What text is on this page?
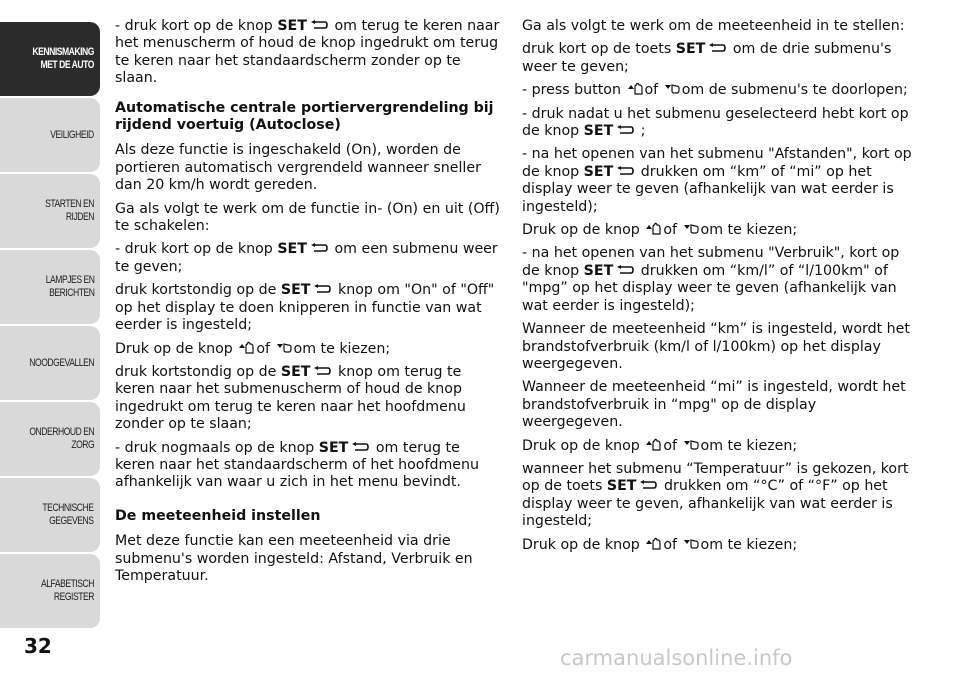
KENNISMAKING
MET DE AUTO
VEILIGHEID
STARTEN EN RIJDEN
LAMPJES EN
BERICHTEN
NOODGEVALLEN
ONDERHOUD EN
ZORG
TECHNISCHE
GEGEVENS
ALFABETISCH
REGISTER
32

- druk kort op de knop SET om terug te keren naar het menuscherm of houd de knop ingedrukt om terug te keren naar het standaardscherm zonder op te slaan.

Automatische centrale portiervergrendeling bij rijdend voertuig (Autoclose)

Als deze functie is ingeschakeld (On), worden de portieren automatisch vergrendeld wanneer sneller dan 20 km/h wordt gereden.

Ga als volgt te werk om de functie in- (On) en uit (Off) te schakelen:

- druk kort op de knop SET om een submenu weer te geven;

druk kortstondig op de SET knop om "On" of "Off" op het display te doen knipperen in functie van wat eerder is ingesteld;

Druk op de knop of om te kiezen;

druk kortstondig op de SET knop om terug te keren naar het submenuscherm of houd de knop ingedrukt om terug te keren naar het hoofdmenu zonder op te slaan;

- druk nogmaals op de knop SET om terug te keren naar het standaardscherm of het hoofdmenu afhankelijk van waar u zich in het menu bevindt.

De meeteenheid instellen

Met deze functie kan een meeteenheid via drie submenu's worden ingesteld: Afstand, Verbruik en Temperatuur.

Ga als volgt te werk om de meeteenheid in te stellen:

druk kort op de toets SET om de drie submenu's weer te geven;

- press button of om de submenu's te doorlopen;

- druk nadat u het submenu geselecteerd hebt kort op de knop SET ;

- na het openen van het submenu "Afstanden", kort op de knop SET drukken om “km” of “mi” op het display weer te geven (afhankelijk van wat eerder is ingesteld);

Druk op de knop of om te kiezen;

- na het openen van het submenu "Verbruik", kort op de knop SET drukken om “km/l” of “l/100km" of "mpg” op het display weer te geven (afhankelijk van wat eerder is ingesteld);

Wanneer de meeteenheid “km” is ingesteld, wordt het brandstofverbruik (km/l of l/100km) op het display weergegeven.

Wanneer de meeteenheid “mi” is ingesteld, wordt het brandstofverbruik in “mpg" op de display weergegeven.

Druk op de knop of om te kiezen;

wanneer het submenu “Temperatuur” is gekozen, kort op de toets SET drukken om “°C” of “°F” op het display weer te geven, afhankelijk van wat eerder is ingesteld;

Druk op de knop of om te kiezen;

carmanualsonline.info
